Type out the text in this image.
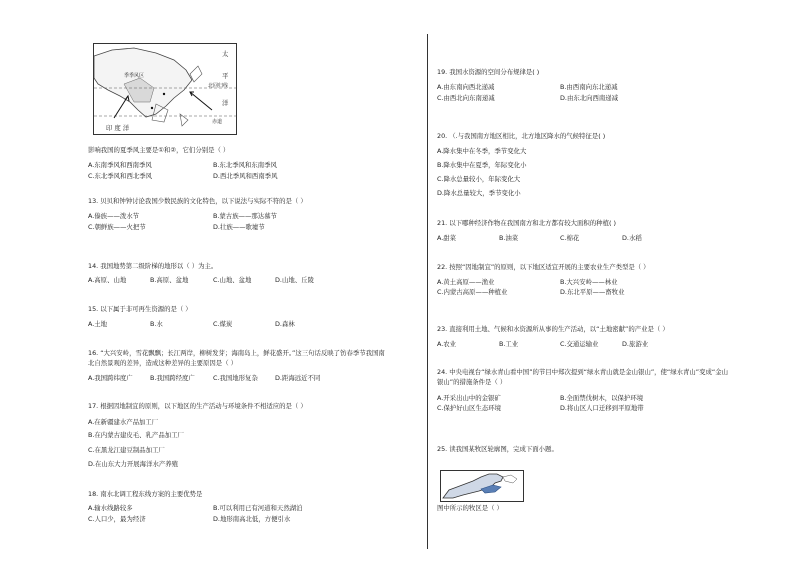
太
平
北回归线
洋
赤道
印 度 洋
季季风区
影响我国的夏季风主要是①和②，它们分别是（ ）
A.东南季风和西南季风	B.东北季风和东南季风
C.东北季风和西北季风	D.西北季风和西南季风
13. 贝贝和钟钟讨论我国少数民族的文化特色，以下说法与实际不符的是（ ）
A.傣族——泼水节	B.蒙古族——那达慕节
C.朝鲜族——火把节	D.壮族——歌墟节
14. 我国地势第二级阶梯的地形以（ ）为主。
A.高原、山地	B.高原、盆地	C.山地、盆地	D.山地、丘陵
15. 以下属于非可再生资源的是（ ）
A.土地	B.水	C.煤炭	D.森林
16. “大兴安岭，雪花飘飘；长江两岸，柳树发芽；海南岛上，鲜花盛开。”这三句话反映了钫春季节我国南
北自然景观的差异，造成这种差异的主要原因是（ ）
A.我国跨纬度广	B.我国跨经度广	C.我国地形复杂	D.距海远近不同
17. 根据因地制宜的原则，以下地区的生产活动与环境条件不相适应的是（ ）
A.在新疆建水产品加工厂
B.在内蒙古建皮毛、乳产品加工厂
C.在黑龙江建豆制品加工厂
D.在山东大力开展海洋水产养殖
18. 南水北调工程东线方案的主要优势是
A.输水线路较多	B.可以利用已有河道和天然湖泊
C.人口少，最为经济	D.地形南高北低，方便引水
19. 我国水资源的空间分布规律是( )
A.由东南向西北递减	B.由西南向东北递减
C.由西北向东南递减	D.由东北向西南递减
20. （.与我国南方地区相比，北方地区降水的气候特征是( )
A.降水集中在冬季，季节变化大
B.降水集中在夏季，年际变化小
C.降水总量较小，年际变化大
D.降水总量较大，季节变化小
21. 以下哪种经济作物在我国南方和北方都有较大面积的种植( )
A.甜菜	B.油菜	C.棉花	D.水稻
22. 按照“因地制宜”的原则，以下地区适宜开展的主要农业生产类型是（ ）
A.黄土高原——渔业	B.大兴安岭——林业
C.内蒙古高原——种植业	D.东北平原——畜牧业
23. 直接利用土地、气候和水资源所从事的生产活动，以“土地密献”的产业是（ ）
A.农业	B.工业	C.交通运输业	D.旅游业
24. 中央电视台“绿水青山看中国”的节目中郑次提到“绿水青山就是金山银山”，使“绿水青山”变成“金山
银山”的措施条件是（ ）
A.开采出山中的金银矿	B.全面禁伐树木，以保护环境
C.保护好山区生态环境	D.将山区人口迁移到平原地带
25. 读我国某牧区轮廓图，完成下面小题。
图中所示的牧区是（ ）
